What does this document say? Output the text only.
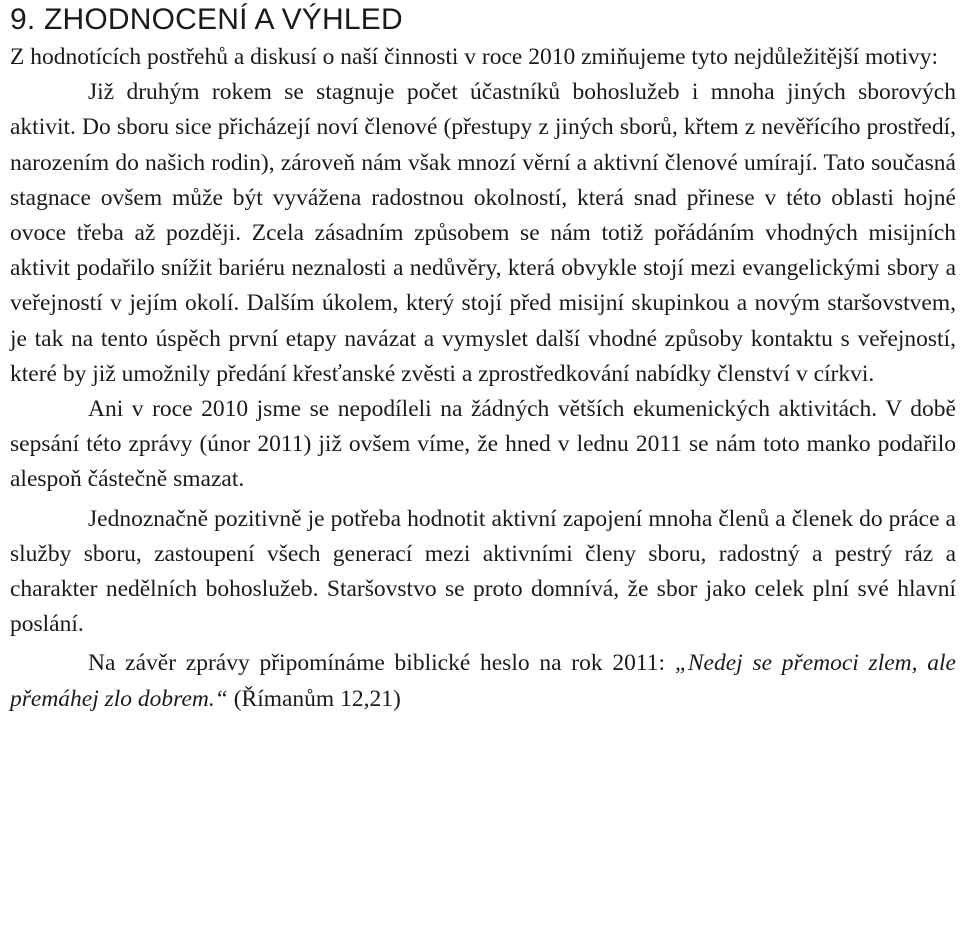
9. ZHODNOCENÍ A VÝHLED

Z hodnotících postřehů a diskusí o naší činnosti v roce 2010 zmiňujeme tyto nejdůležitější motivy:

Již druhým rokem se stagnuje počet účastníků bohoslužeb i mnoha jiných sborových aktivit. Do sboru sice přicházejí noví členové (přestupy z jiných sborů, křtem z nevěřícího prostředí, narozením do našich rodin), zároveň nám však mnozí věrní a aktivní členové umírají. Tato současná stagnace ovšem může být vyvážena radostnou okolností, která snad přinese v této oblasti hojné ovoce třeba až později. Zcela zásadním způsobem se nám totiž pořádáním vhodných misijních aktivit podařilo snížit bariéru neznalosti a nedůvěry, která obvykle stojí mezi evangelickými sbory a veřejností v jejím okolí. Dalším úkolem, který stojí před misijní skupinkou a novým staršovstvem, je tak na tento úspěch první etapy navázat a vymyslet další vhodné způsoby kontaktu s veřejností, které by již umožnily předání křesťanské zvěsti a zprostředkování nabídky členství v církvi.

Ani v roce 2010 jsme se nepodíleli na žádných větších ekumenických aktivitách. V době sepsání této zprávy (únor 2011) již ovšem víme, že hned v lednu 2011 se nám toto manko podařilo alespoň částečně smazat.

Jednoznačně pozitivně je potřeba hodnotit aktivní zapojení mnoha členů a členek do práce a služby sboru, zastoupení všech generací mezi aktivními členy sboru, radostný a pestrý ráz a charakter nedělních bohoslužeb. Staršovstvo se proto domnívá, že sbor jako celek plní své hlavní poslání.

Na závěr zprávy připomínáme biblické heslo na rok 2011: „Nedej se přemoci zlem, ale přemáhej zlo dobrem.“ (Římanům 12,21)
